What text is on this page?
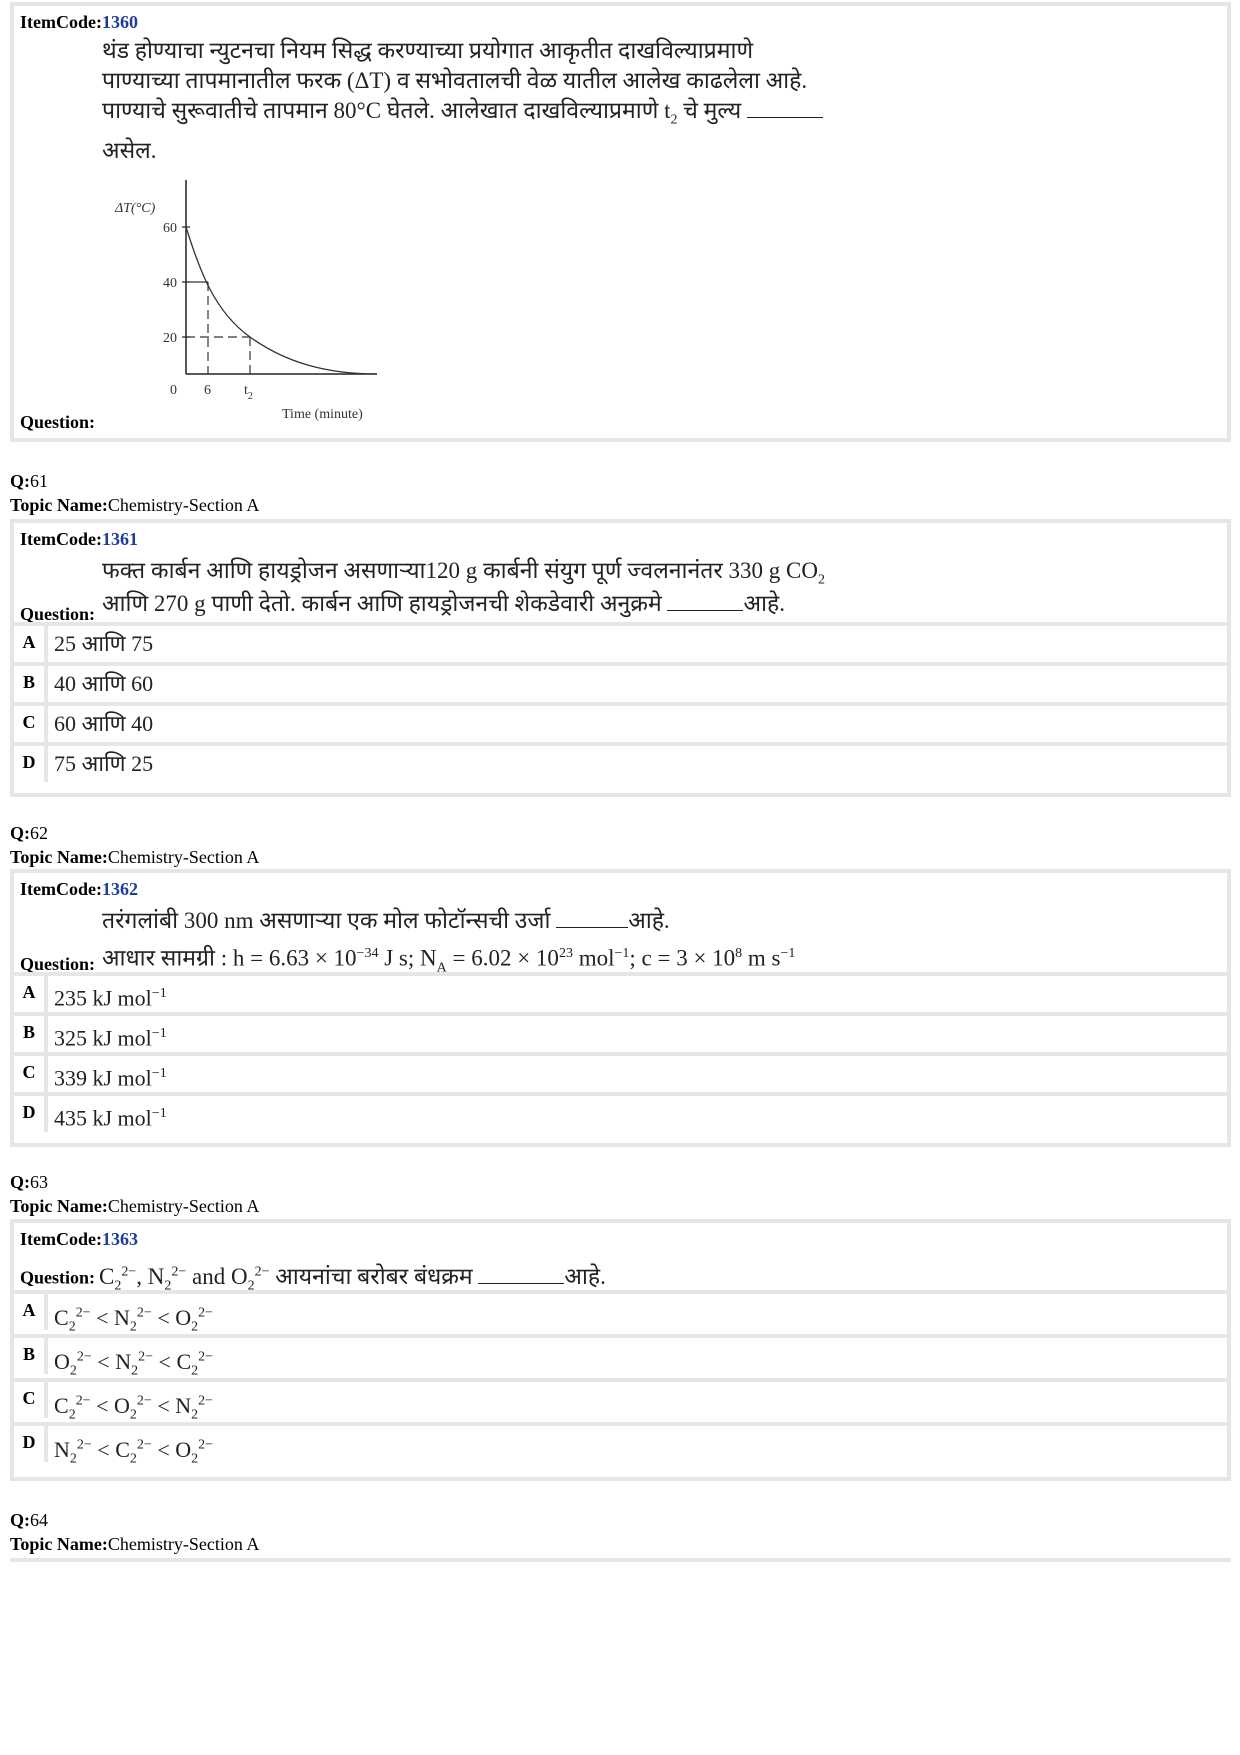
ItemCode:1360
थंड होण्याचा न्युटनचा नियम सिद्ध करण्याच्या प्रयोगात आकृतीत दाखविल्याप्रमाणे
पाण्याच्या तापमानातील फरक (ΔT) व सभोवतालची वेळ यातील आलेख काढलेला आहे.
पाण्याचे सुरूवातीचे तापमान 80°C घेतले. आलेखात दाखविल्याप्रमाणे $t_2$ चे मुल्य
असेल.
ΔT(°C)
60
40
20
0 6 $t_2$
Time (minute)
Question:
Q:61
Topic Name:Chemistry-Section A
ItemCode:1361
फक्त कार्बन आणि हायड्रोजन असणाऱ्या120 g कार्बनी संयुग पूर्ण ज्वलनानंतर 330 g $CO_2$
Question: आणि 270 g पाणी देतो. कार्बन आणि हायड्रोजनची शेकडेवारी अनुक्रमे	आहे.
A 25 आणि 75
B 40 आणि 60
C 60 आणि 40
D 75 आणि 25
Q:62
Topic Name:Chemistry-Section A
ItemCode:1362
तरंगलांबी 300 nm असणाऱ्या एक मोल फोटॉन्सची उर्जा	आहे.
Question: आधार सामग्री : $h = 6.63 \times 10^{-34}$ J s; $N_A = 6.02 \times 10^{23}$ mol$^{-1}$; $c = 3 \times 10^8$ m $s^{-1}$
A 235 kJ mol$^{-1}$
B 325 kJ mol$^{-1}$
C 339 kJ mol$^{-1}$
D 435 kJ mol$^{-1}$
Q:63
Topic Name:Chemistry-Section A
ItemCode:1363
Question: $C_2^{2-}$, $N_2^{2-}$ and $O_2^{2-}$ आयनांचा बरोबर बंधक्रम	आहे.
A $C_2^{2-} < N_2^{2-} < O_2^{2-}$
B $O_2^{2-} < N_2^{2-} < C_2^{2-}$
C $C_2^{2-} < O_2^{2-} < N_2^{2-}$
D $N_2^{2-} < C_2^{2-} < O_2^{2-}$
Q:64
Topic Name:Chemistry-Section A
